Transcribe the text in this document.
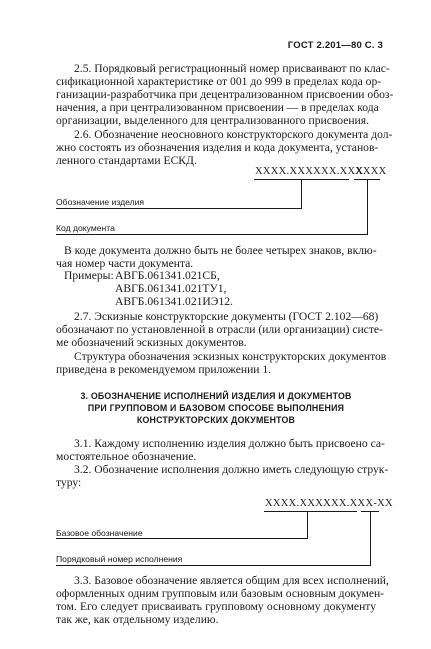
ГОСТ 2.201—80 С. 3
2.5. Порядковый регистрационный номер присваивают по клас-
сификационной характеристике от 001 до 999 в пределах кода ор-
ганизации-разработчика при децентрализованном присвоении обоз-
начения, а при централизованном присвоении — в пределах кода
организации, выделенного для централизованного присвоения.
2.6. Обозначение неосновного конструкторского документа дол-
жно состоять из обозначения изделия и кода документа, установ-
ленного стандартами ЕСКД.
ХХХХ.ХХХХХХ.ХХХ
ХХХХ
Обозначение изделия
Код документа
В коде документа должно быть не более четырех знаков, вклю-
чая номер части документа.
Примеры: АВГБ.061341.021СБ,
АВГБ.061341.021ТУ1,
АВГБ.061341.021ИЭ12.
2.7. Эскизные конструкторские документы (ГОСТ 2.102—68)
обозначают по установленной в отрасли (или организации) систе-
ме обозначений эскизных документов.
Структура обозначения эскизных конструкторских документов
приведена в рекомендуемом приложении 1.
3. ОБОЗНАЧЕНИЕ ИСПОЛНЕНИЙ ИЗДЕЛИЯ И ДОКУМЕНТОВ
ПРИ ГРУППОВОМ И БАЗОВОМ СПОСОБЕ ВЫПОЛНЕНИЯ
КОНСТРУКТОРСКИХ ДОКУМЕНТОВ
3.1. Каждому исполнению изделия должно быть присвоено са-
мостоятельное обозначение.
3.2. Обозначение исполнения должно иметь следующую струк-
туру:
ХХХХ.ХХХХХХ.ХХХ-ХХ
Базовое обозначение
Порядковый номер исполнения
3.3. Базовое обозначение является общим для всех исполнений,
оформленных одним групповым или базовым основным докумен-
том. Его следует присваивать групповому основному документу
так же, как отдельному изделию.
